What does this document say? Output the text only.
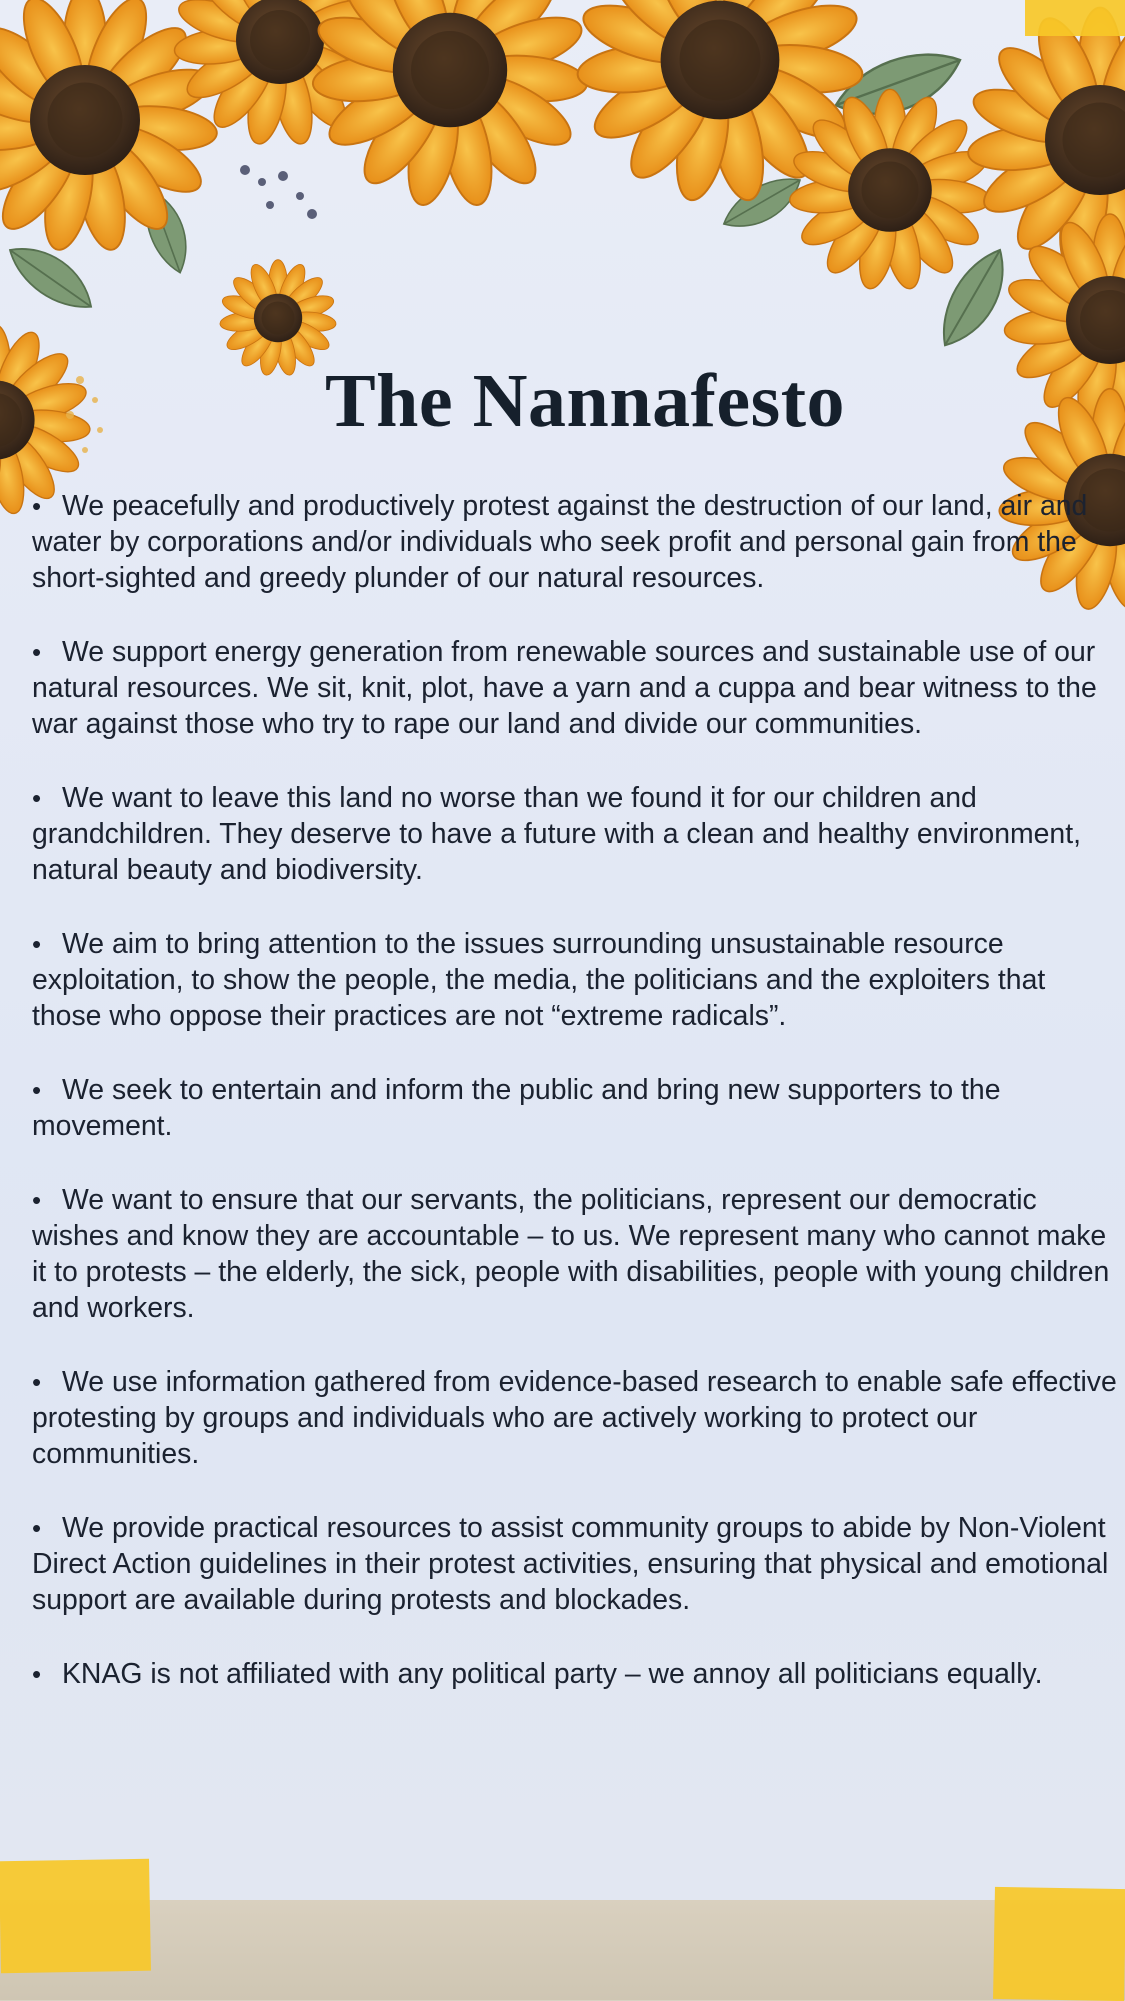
The Nannafesto
• We peacefully and productively protest against the destruction of our land, air and water by corporations and/or individuals who seek profit and personal gain from the short-sighted and greedy plunder of our natural resources.
• We support energy generation from renewable sources and sustainable use of our natural resources. We sit, knit, plot, have a yarn and a cuppa and bear witness to the war against those who try to rape our land and divide our communities.
• We want to leave this land no worse than we found it for our children and grandchildren. They deserve to have a future with a clean and healthy environment, natural beauty and biodiversity.
• We aim to bring attention to the issues surrounding unsustainable resource exploitation, to show the people, the media, the politicians and the exploiters that those who oppose their practices are not “extreme radicals”.
• We seek to entertain and inform the public and bring new supporters to the movement.
• We want to ensure that our servants, the politicians, represent our democratic wishes and know they are accountable – to us. We represent many who cannot make it to protests – the elderly, the sick, people with disabilities, people with young children and workers.
• We use information gathered from evidence-based research to enable safe effective protesting by groups and individuals who are actively working to protect our communities.
• We provide practical resources to assist community groups to abide by Non-Violent Direct Action guidelines in their protest activities, ensuring that physical and emotional support are available during protests and blockades.
• KNAG is not affiliated with any political party – we annoy all politicians equally.
